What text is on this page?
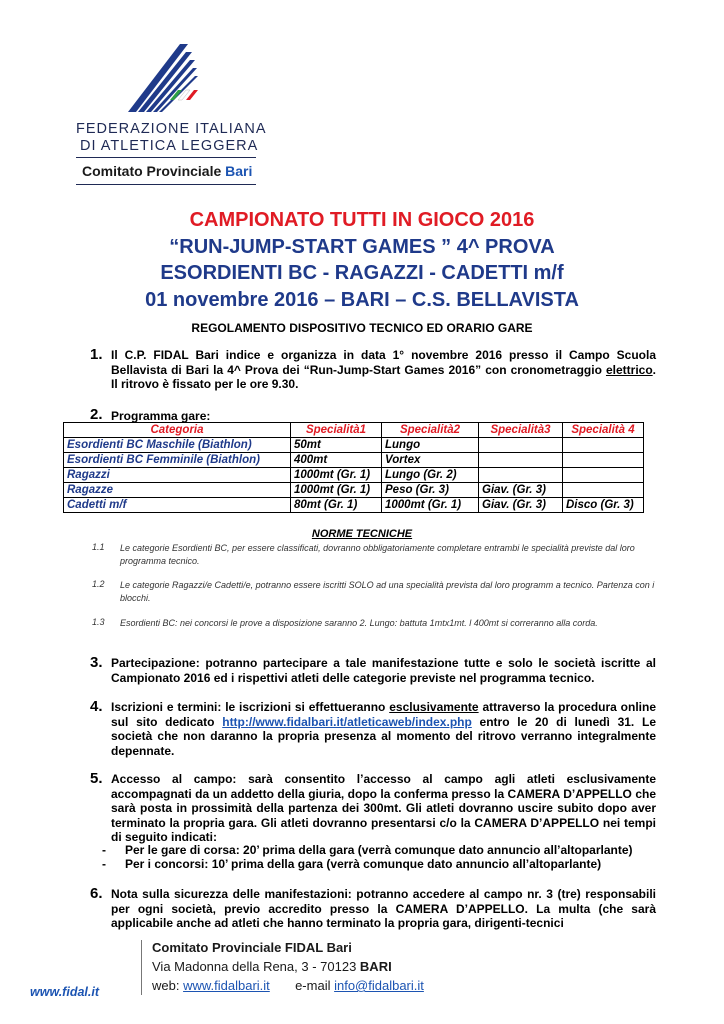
FEDERAZIONE ITALIANA
DI ATLETICA LEGGERA
Comitato Provinciale Bari
CAMPIONATO TUTTI IN GIOCO 2016
“RUN-JUMP-START GAMES ” 4^ PROVA
ESORDIENTI BC - RAGAZZI - CADETTI m/f
01 novembre 2016 – BARI – C.S. BELLAVISTA
REGOLAMENTO DISPOSITIVO TECNICO ED ORARIO GARE
1. Il C.P. FIDAL Bari indice e organizza in data 1° novembre 2016 presso il Campo Scuola Bellavista di Bari la 4^ Prova dei “Run-Jump-Start Games 2016” con cronometraggio elettrico. Il ritrovo è fissato per le ore 9.30.
2. Programma gare:
Categoria	Specialità1	Specialità2	Specialità3	Specialità 4
Esordienti BC Maschile (Biathlon)	50mt	Lungo		
Esordienti BC Femminile (Biathlon)	400mt	Vortex		
Ragazzi	1000mt (Gr. 1)	Lungo (Gr. 2)		
Ragazze	1000mt (Gr. 1)	Peso (Gr. 3)	Giav. (Gr. 3)	
Cadetti m/f	80mt (Gr. 1)	1000mt (Gr. 1)	Giav. (Gr. 3)	Disco (Gr. 3)
NORME TECNICHE
1.1 Le categorie Esordienti BC, per essere classificati, dovranno obbligatoriamente completare entrambi le specialità previste dal loro programma tecnico.
1.2 Le categorie Ragazzi/e Cadetti/e, potranno essere iscritti SOLO ad una specialità prevista dal loro programm a tecnico. Partenza con i blocchi.
1.3 Esordienti BC: nei concorsi le prove a disposizione saranno 2. Lungo: battuta 1mtx1mt. l 400mt si correranno alla corda.
3. Partecipazione: potranno partecipare a tale manifestazione tutte e solo le società iscritte al Campionato 2016 ed i rispettivi atleti delle categorie previste nel programma tecnico.
4. Iscrizioni e termini: le iscrizioni si effettueranno esclusivamente attraverso la procedura online sul sito dedicato http://www.fidalbari.it/atleticaweb/index.php entro le 20 di lunedì 31. Le società che non daranno la propria presenza al momento del ritrovo verranno integralmente depennate.
5. Accesso al campo: sarà consentito l’accesso al campo agli atleti esclusivamente accompagnati da un addetto della giuria, dopo la conferma presso la CAMERA D’APPELLO che sarà posta in prossimità della partenza dei 300mt. Gli atleti dovranno uscire subito dopo aver terminato la propria gara. Gli atleti dovranno presentarsi c/o la CAMERA D’APPELLO nei tempi di seguito indicati:
- Per le gare di corsa: 20’ prima della gara (verrà comunque dato annuncio all’altoparlante)
- Per i concorsi: 10’ prima della gara (verrà comunque dato annuncio all’altoparlante)
6. Nota sulla sicurezza delle manifestazioni: potranno accedere al campo nr. 3 (tre) responsabili per ogni società, previo accredito presso la CAMERA D’APPELLO. La multa (che sarà applicabile anche ad atleti che hanno terminato la propria gara, dirigenti-tecnici
www.fidal.it
Comitato Provinciale FIDAL Bari
Via Madonna della Rena, 3 - 70123 BARI
web: www.fidalbari.it e-mail info@fidalbari.it
